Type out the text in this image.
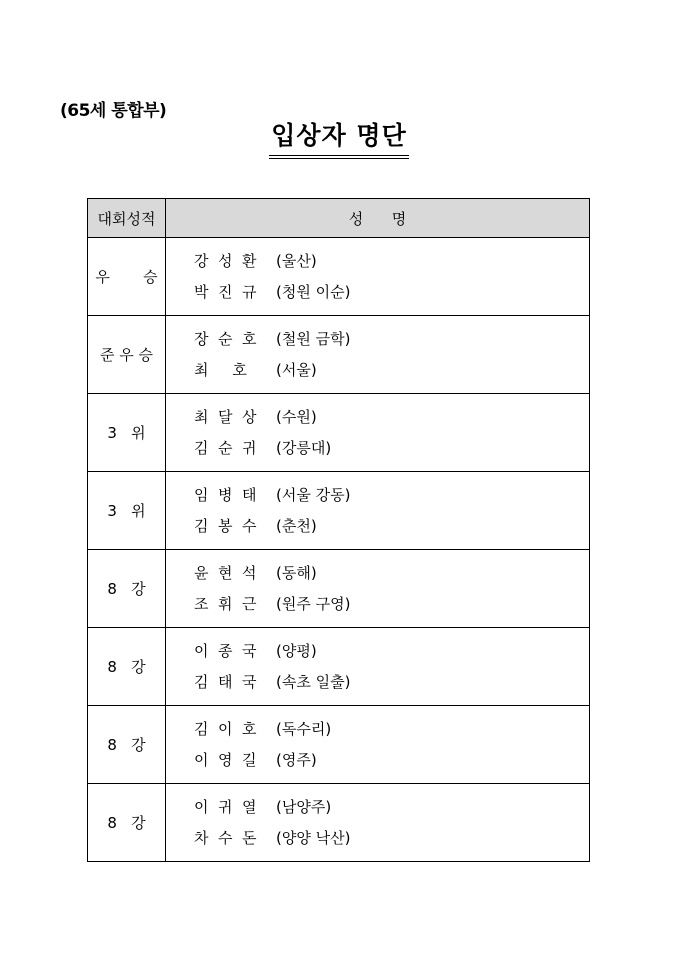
(65세 통합부)
입상자 명단
대회성적	성      명
우       승	강  성  환 (울산)
박  진  규 (청원 이순)

준 우 승	장  순  호 (철원 금학)
최     호 (서울)

3   위	최  달  상 (수원)
김  순  귀 (강릉대)

3   위	임  병  태 (서울 강동)
김  봉  수 (춘천)

8   강	윤  현  석 (동해)
조  휘  근 (원주 구영)

8   강	이  종  국 (양평)
김  태  국 (속초 일출)

8   강	김  이  호 (독수리)
이  영  길 (영주)

8   강	이  귀  열 (남양주)
차  수  돈 (양양 낙산)
